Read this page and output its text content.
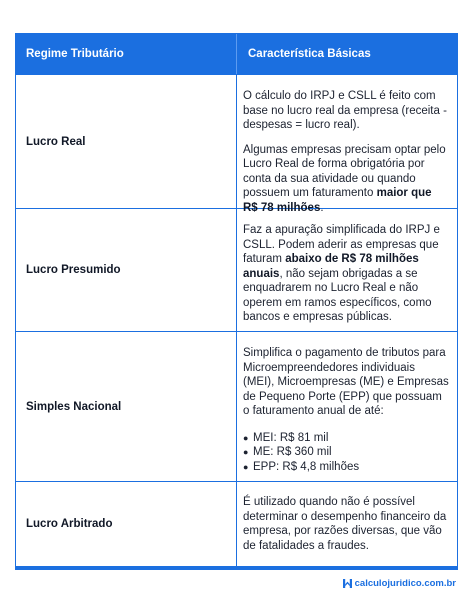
Regime Tributário	Característica Básicas
Lucro Real

O cálculo do IRPJ e CSLL é feito com base no lucro real da empresa (receita - despesas = lucro real).

Algumas empresas precisam optar pelo Lucro Real de forma obrigatória por conta da sua atividade ou quando possuem um faturamento maior que R$ 78 milhões.

Lucro Presumido

Faz a apuração simplificada do IRPJ e CSLL. Podem aderir as empresas que faturam abaixo de R$ 78 milhões anuais, não sejam obrigadas a se enquadrarem no Lucro Real e não operem em ramos específicos, como bancos e empresas públicas.

Simples Nacional

Simplifica o pagamento de tributos para Microempreendedores individuais (MEI), Microempresas (ME) e Empresas de Pequeno Porte (EPP) que possuam o faturamento anual de até:

● MEI: R$ 81 mil
● ME: R$ 360 mil
● EPP: R$ 4,8 milhões
Lucro Arbitrado

É utilizado quando não é possível determinar o desempenho financeiro da empresa, por razões diversas, que vão de fatalidades a fraudes.

calculojuridico.com.br
